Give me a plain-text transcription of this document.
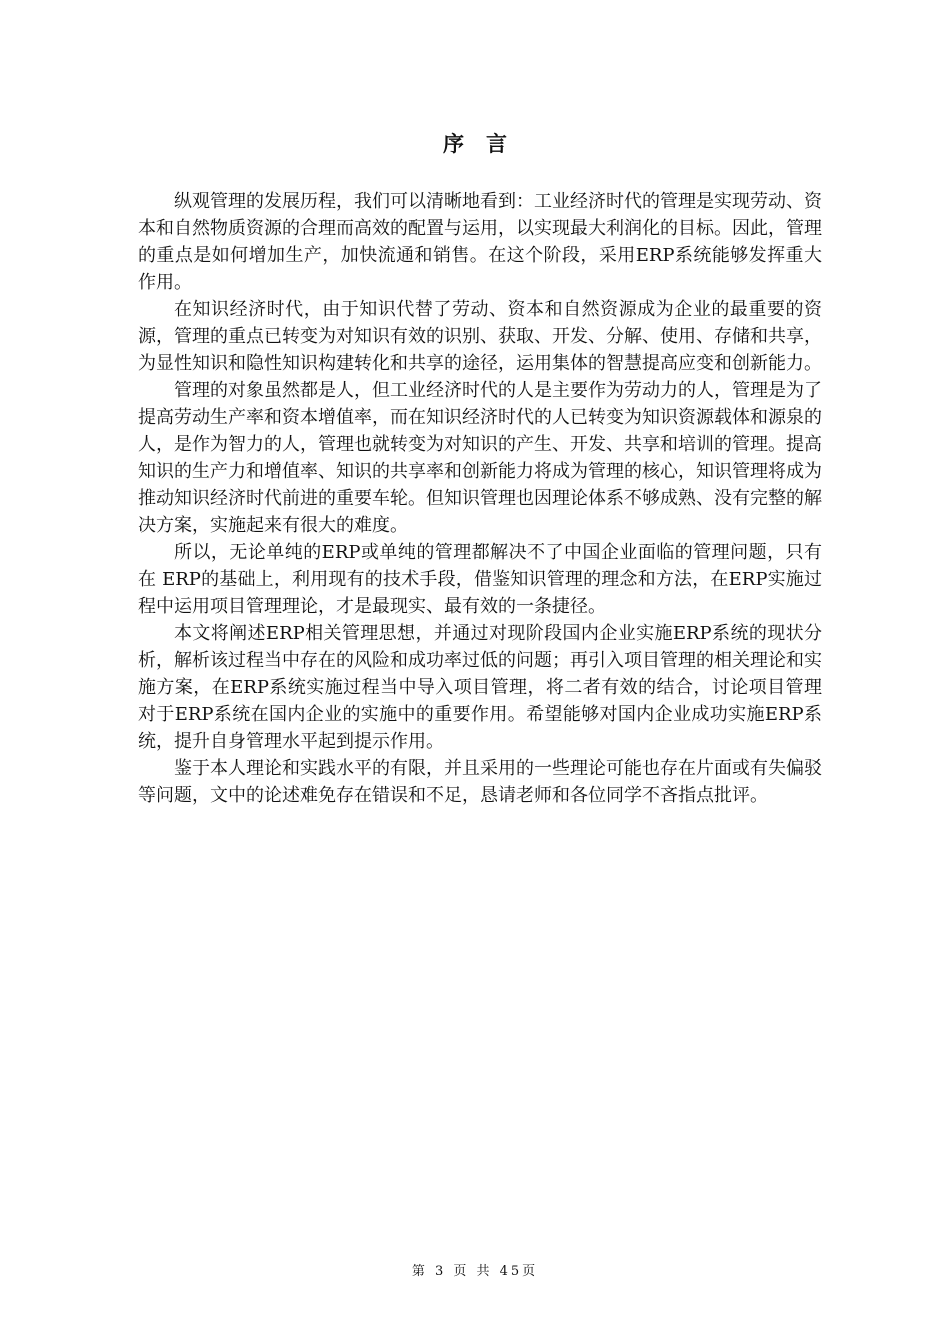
序言

纵观管理的发展历程，我们可以清晰地看到：工业经济时代的管理是实现劳动、资本和自然物质资源的合理而高效的配置与运用，以实现最大利润化的目标。因此，管理的重点是如何增加生产，加快流通和销售。在这个阶段，采用ERP系统能够发挥重大作用。

在知识经济时代，由于知识代替了劳动、资本和自然资源成为企业的最重要的资源，管理的重点已转变为对知识有效的识别、获取、开发、分解、使用、存储和共享，为显性知识和隐性知识构建转化和共享的途径，运用集体的智慧提高应变和创新能力。

管理的对象虽然都是人，但工业经济时代的人是主要作为劳动力的人，管理是为了提高劳动生产率和资本增值率，而在知识经济时代的人已转变为知识资源载体和源泉的人，是作为智力的人，管理也就转变为对知识的产生、开发、共享和培训的管理。提高知识的生产力和增值率、知识的共享率和创新能力将成为管理的核心，知识管理将成为推动知识经济时代前进的重要车轮。但知识管理也因理论体系不够成熟、没有完整的解决方案，实施起来有很大的难度。

所以，无论单纯的ERP或单纯的管理都解决不了中国企业面临的管理问题，只有在 ERP的基础上，利用现有的技术手段，借鉴知识管理的理念和方法，在ERP实施过程中运用项目管理理论，才是最现实、最有效的一条捷径。

本文将阐述ERP相关管理思想，并通过对现阶段国内企业实施ERP系统的现状分析，解析该过程当中存在的风险和成功率过低的问题；再引入项目管理的相关理论和实施方案，在ERP系统实施过程当中导入项目管理，将二者有效的结合，讨论项目管理对于ERP系统在国内企业的实施中的重要作用。希望能够对国内企业成功实施ERP系统，提升自身管理水平起到提示作用。

鉴于本人理论和实践水平的有限，并且采用的一些理论可能也存在片面或有失偏驳等问题，文中的论述难免存在错误和不足，恳请老师和各位同学不吝指点批评。

第 3 页 共 45页
